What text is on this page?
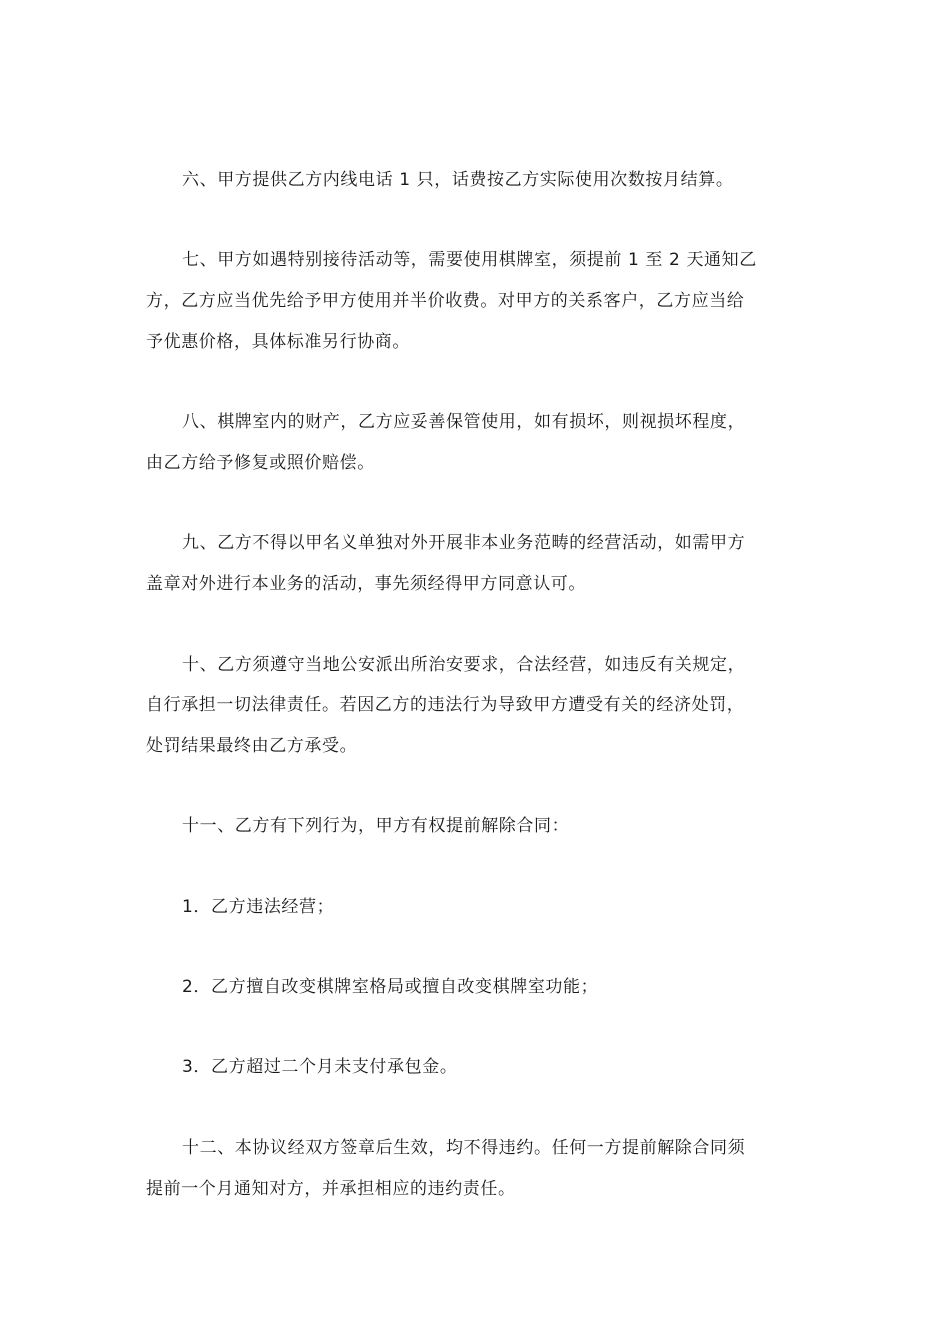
六、甲方提供乙方内线电话 1 只，话费按乙方实际使用次数按月结算。

七、甲方如遇特别接待活动等，需要使用棋牌室，须提前 1 至 2 天通知乙

方，乙方应当优先给予甲方使用并半价收费。对甲方的关系客户，乙方应当给

予优惠价格，具体标准另行协商。

八、棋牌室内的财产，乙方应妥善保管使用，如有损坏，则视损坏程度，

由乙方给予修复或照价赔偿。

九、乙方不得以甲名义单独对外开展非本业务范畴的经营活动，如需甲方

盖章对外进行本业务的活动，事先须经得甲方同意认可。

十、乙方须遵守当地公安派出所治安要求，合法经营，如违反有关规定，

自行承担一切法律责任。若因乙方的违法行为导致甲方遭受有关的经济处罚，

处罚结果最终由乙方承受。

十一、乙方有下列行为，甲方有权提前解除合同：

1．乙方违法经营；

2．乙方擅自改变棋牌室格局或擅自改变棋牌室功能；

3．乙方超过二个月未支付承包金。

十二、本协议经双方签章后生效，均不得违约。任何一方提前解除合同须

提前一个月通知对方，并承担相应的违约责任。
